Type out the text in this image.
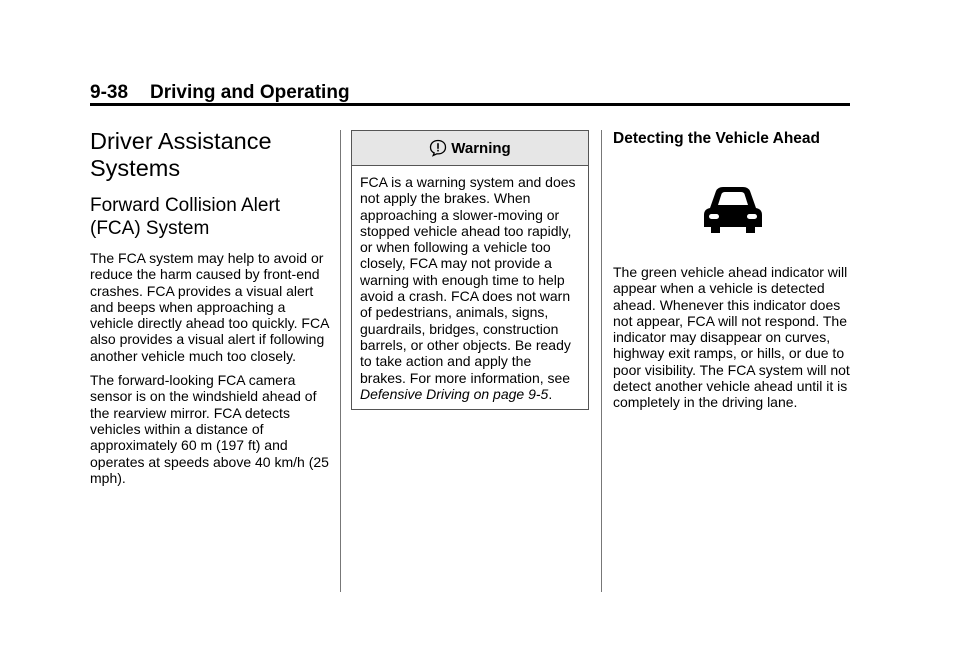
9-38 Driving and Operating
Driver Assistance
Systems
Forward Collision Alert
(FCA) System

The FCA system may help to avoid or reduce the harm caused by front-end crashes. FCA provides a visual alert and beeps when approaching a vehicle directly ahead too quickly. FCA also provides a visual alert if following another vehicle much too closely.

The forward-looking FCA camera sensor is on the windshield ahead of the rearview mirror. FCA detects vehicles within a distance of approximately 60 m (197 ft) and operates at speeds above 40 km/h (25 mph).

Warning
FCA is a warning system and does not apply the brakes. When approaching a slower-moving or stopped vehicle ahead too rapidly, or when following a vehicle too closely, FCA may not provide a warning with enough time to help avoid a crash. FCA does not warn of pedestrians, animals, signs, guardrails, bridges, construction barrels, or other objects. Be ready to take action and apply the brakes. For more information, see Defensive Driving on page 9-5.
Detecting the Vehicle Ahead

The green vehicle ahead indicator will appear when a vehicle is detected ahead. Whenever this indicator does not appear, FCA will not respond. The indicator may disappear on curves, highway exit ramps, or hills, or due to poor visibility. The FCA system will not detect another vehicle ahead until it is completely in the driving lane.
